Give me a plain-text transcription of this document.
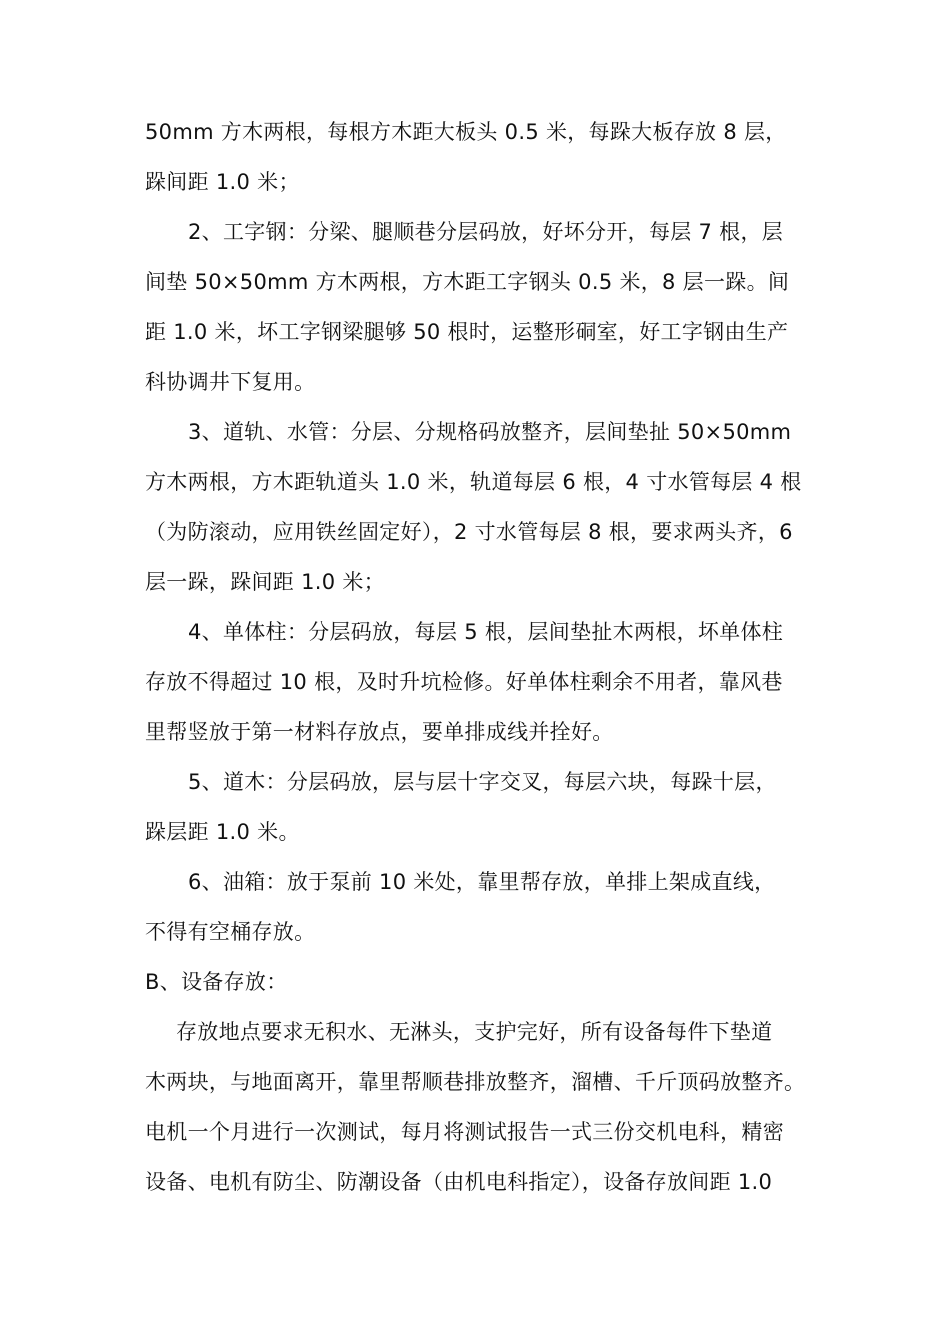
50mm 方木两根，每根方木距大板头 0.5 米，每跺大板存放 8 层，
跺间距 1.0 米；
2、工字钢：分梁、腿顺巷分层码放，好坏分开，每层 7 根，层
间垫 50×50mm 方木两根，方木距工字钢头 0.5 米，8 层一跺。间
距 1.0 米，坏工字钢梁腿够 50 根时，运整形硐室，好工字钢由生产
科协调井下复用。
3、道轨、水管：分层、分规格码放整齐，层间垫扯 50×50mm
方木两根，方木距轨道头 1.0 米，轨道每层 6 根，4 寸水管每层 4 根
（为防滚动，应用铁丝固定好），2 寸水管每层 8 根，要求两头齐，6
层一跺，跺间距 1.0 米；
4、单体柱：分层码放，每层 5 根，层间垫扯木两根，坏单体柱
存放不得超过 10 根，及时升坑检修。好单体柱剩余不用者，靠风巷
里帮竖放于第一材料存放点，要单排成线并拴好。
5、道木：分层码放，层与层十字交叉，每层六块，每跺十层，
跺层距 1.0 米。
6、油箱：放于泵前 10 米处，靠里帮存放，单排上架成直线，
不得有空桶存放。
B、设备存放：
存放地点要求无积水、无淋头，支护完好，所有设备每件下垫道
木两块，与地面离开，靠里帮顺巷排放整齐，溜槽、千斤顶码放整齐。
电机一个月进行一次测试，每月将测试报告一式三份交机电科，精密
设备、电机有防尘、防潮设备（由机电科指定），设备存放间距 1.0
